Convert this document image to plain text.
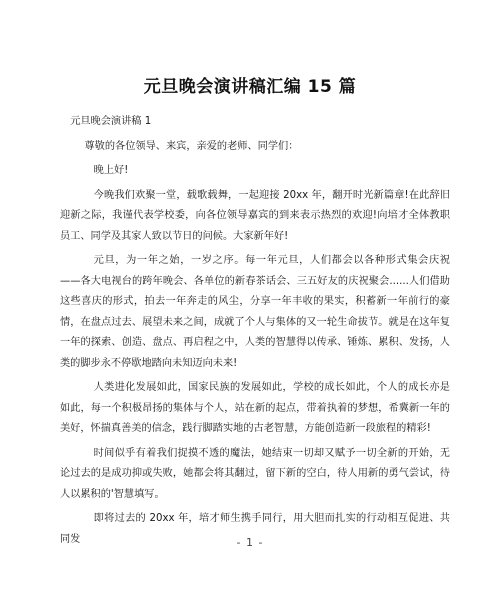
元旦晚会演讲稿汇编 15 篇

元旦晚会演讲稿 1

尊敬的各位领导、来宾，亲爱的老师、同学们：

晚上好!

今晚我们欢聚一堂，载歌载舞，一起迎接 20xx 年，翻开时光新篇章!在此辞旧迎新之际，我谨代表学校委，向各位领导嘉宾的到来表示热烈的欢迎!向培才全体教职员工、同学及其家人致以节日的问候。大家新年好!

元旦，为一年之始，一岁之序。每一年元旦，人们都会以各种形式集会庆祝——各大电视台的跨年晚会、各单位的新春茶话会、三五好友的庆祝聚会......人们借助这些喜庆的形式，拍去一年奔走的风尘，分享一年丰收的果实，积蓄新一年前行的豪情，在盘点过去、展望未来之间，成就了个人与集体的又一轮生命拔节。就是在这年复一年的探索、创造、盘点、再启程之中，人类的智慧得以传承、锤炼、累积、发扬，人类的脚步永不停歇地踏向未知迈向未来!

人类进化发展如此，国家民族的发展如此，学校的成长如此，个人的成长亦是如此，每一个积极昂扬的集体与个人，站在新的起点，带着执着的梦想，希冀新一年的美好，怀揣真善美的信念，践行脚踏实地的古老智慧，方能创造新一段旅程的精彩!

时间似乎有着我们捉摸不透的魔法，她结束一切却又赋予一切全新的开始，无论过去的是成功抑或失败，她都会将其翻过，留下新的空白，待人用新的勇气尝试，待人以累积的'智慧填写。

即将过去的 20xx 年，培才师生携手同行，用大胆而扎实的行动相互促进、共同发	- 1 -
